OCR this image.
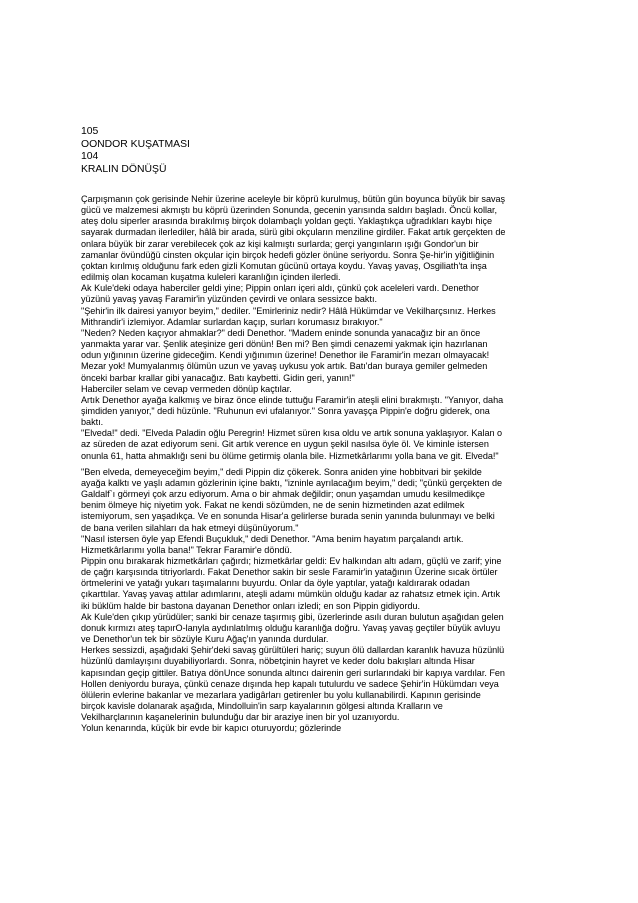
105
OONDOR KUŞATMASI
104
KRALIN DÖNÜŞÜ
Çarpışmanın çok gerisinde Nehir üzerine aceleyle bir köprü kurulmuş, bütün gün boyunca büyük bir savaş
gücü ve malzemesi akmıştı bu köprü üzerinden Sonunda, gecenin yarısında saldırı başladı. Öncü kollar,
ateş dolu siperler arasında bırakılmış birçok dolambaçlı yoldan geçti. Yaklaştıkça uğradıkları kaybı hiçe
sayarak durmadan ilerlediler, hâlâ bir arada, sürü gibi okçuların menziline girdiler. Fakat artık gerçekten de
onlara büyük bir zarar verebilecek çok az kişi kalmıştı surlarda; gerçi yangınların ışığı Gondor'un bir
zamanlar övündüğü cinsten okçular için birçok hedefi gözler önüne seriyordu. Sonra Şe-hir'in yiğitliğinin
çoktan kırılmış olduğunu fark eden gizli Komutan gücünü ortaya koydu. Yavaş yavaş, Osgiliath'ta inşa
edilmiş olan kocaman kuşatma kuleleri karanlığın içinden ilerledi.
Ak Kule'deki odaya haberciler geldi yine; Pippin onları içeri aldı, çünkü çok aceleleri vardı. Denethor
yüzünü yavaş yavaş Faramir'in yüzünden çevirdi ve onlara sessizce baktı.
"Şehir'in ilk dairesi yanıyor beyim," dediler. "Emirleriniz nedir? Hâlâ Hükümdar ve Vekilharçsınız. Herkes
Mithrandir'i izlemiyor. Adamlar surlardan kaçıp, surları korumasız bırakıyor."
"Neden? Neden kaçıyor ahmaklar?" dedi Denethor. "Madem eninde sonunda yanacağız bir an önce
yanmakta yarar var. Şenlik ateşinize geri dönün! Ben mi? Ben şimdi cenazemi yakmak için hazırlanan
odun yığınının üzerine gideceğim. Kendi yığınımın üzerine! Denethor ile Faramir'in mezarı olmayacak!
Mezar yok! Mumyalanmış ölümün uzun ve yavaş uykusu yok artık. Batı'dan buraya gemiler gelmeden
önceki barbar krallar gibi yanacağız. Batı kaybetti. Gidin geri, yanın!"
Haberciler selam ve cevap vermeden dönüp kaçtılar.
Artık Denethor ayağa kalkmış ve biraz önce elinde tuttuğu Faramir'in ateşli elini bırakmıştı. "Yanıyor, daha
şimdiden yanıyor," dedi hüzünle. "Ruhunun evi ufalanıyor." Sonra yavaşça Pippin'e doğru giderek, ona
baktı.
"Elveda!" dedi. "Elveda Paladin oğlu Peregrin! Hizmet süren kısa oldu ve artık sonuna yaklaşıyor. Kalan o
az süreden de azat ediyorum seni. Git artık verence en uygun şekil nasılsa öyle öl. Ve kiminle istersen
onunla 61, hatta ahmaklığı seni bu ölüme getirmiş olanla bile. Hizmetkârlarımı yolla bana ve git. Elveda!"
"Ben elveda, demeyeceğim beyim," dedi Pippin diz çökerek. Sonra aniden yine hobbitvari bir şekilde
ayağa kalktı ve yaşlı adamın gözlerinin içine baktı, "izninle ayrılacağım beyim," dedi; "çünkü gerçekten de
Galdalf`ı görmeyi çok arzu ediyorum. Ama o bir ahmak değildir; onun yaşamdan umudu kesilmedikçe
benim ölmeye hiç niyetim yok. Fakat ne kendi sözümden, ne de senin hizmetinden azat edilmek
istemiyorum, sen yaşadıkça. Ve en sonunda Hisar'a gelirlerse burada senin yanında bulunmayı ve belki
de bana verilen silahları da hak etmeyi düşünüyorum."
"Nasıl istersen öyle yap Efendi Buçukluk," dedi Denethor. "Ama benim hayatım parçalandı artık.
Hizmetkârlarımı yolla bana!" Tekrar Faramir'e döndü.
Pippin onu bırakarak hizmetkârları çağırdı; hizmetkârlar geldi: Ev halkından altı adam, güçlü ve zarif; yine
de çağrı karşısında titriyorlardı. Fakat Denethor sakin bir sesle Faramir'in yatağının Üzerine sıcak örtüler
örtmelerini ve yatağı yukarı taşımalarını buyurdu. Onlar da öyle yaptılar, yatağı kaldırarak odadan
çıkarttılar. Yavaş yavaş attılar adımlarını, ateşli adamı mümkün olduğu kadar az rahatsız etmek için. Artık
iki büklüm halde bir bastona dayanan Denethor onları izledi; en son Pippin gidiyordu.
Ak Kule'den çıkıp yürüdüler; sanki bir cenaze taşırmış gibi, üzerlerinde asılı duran bulutun aşağıdan gelen
donuk kırmızı ateş tapırO-lanyla aydınlatılmış olduğu karanlığa doğru. Yavaş yavaş geçtiler büyük avluyu
ve Denethor'un tek bir sözüyle Kuru Ağaç'ın yanında durdular.
Herkes sessizdi, aşağıdaki Şehir'deki savaş gürültüleri hariç; suyun ölü dallardan karanlık havuza hüzünlü
hüzünlü damlayışını duyabiliyorlardı. Sonra, nöbetçinin hayret ve keder dolu bakışları altında Hisar
kapısından geçip gittiler. Batıya dönUnce sonunda altıncı dairenin geri surlarındaki bir kapıya vardılar. Fen
Hollen deniyordu buraya, çünkü cenaze dışında hep kapalı tutulurdu ve sadece Şehir'in Hükümdarı veya
ölülerin evlerine bakanlar ve mezarlara yadigârları getirenler bu yolu kullanabilirdi. Kapının gerisinde
birçok kavisle dolanarak aşağıda, Mindolluin'in sarp kayalarının gölgesi altında Kralların ve
Vekilharçlarının kaşanelerinin bulunduğu dar bir araziye inen bir yol uzanıyordu.
Yolun kenarında, küçük bir evde bir kapıcı oturuyordu; gözlerinde
